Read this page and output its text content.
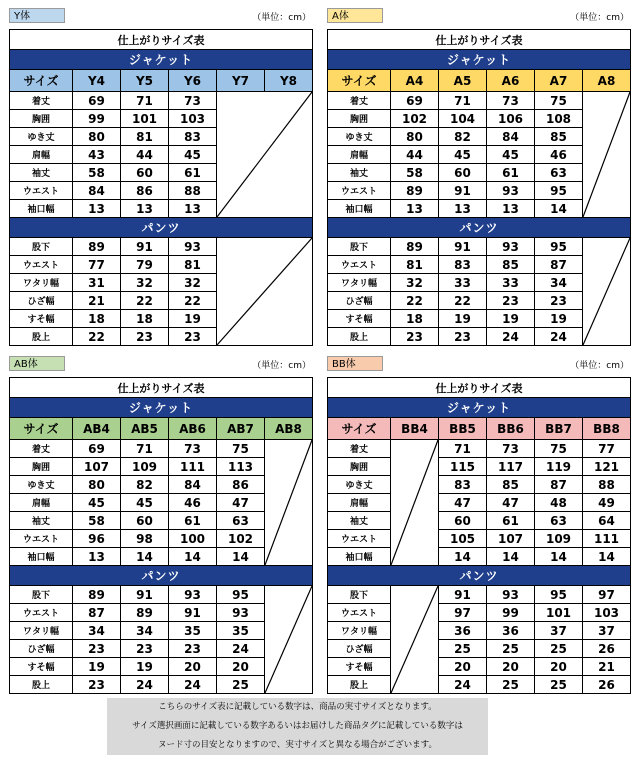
Y体	（単位：cm）
仕上がりサイズ表					
ジャケット					
サイズ	Y4	Y5	Y6	Y7	Y8
着丈	69	71	73	

胸囲	99	101	103		
ゆき丈	80	81	83		
肩幅	43	44	45		
袖丈	58	60	61		
ウエスト	84	86	88		
袖口幅	13	13	13		
パンツ					
股下	89	91	93	

ウエスト	77	79	81		
ワタリ幅	31	32	32		
ひざ幅	21	22	22		
すそ幅	18	18	19		
股上	22	23	23		
A体	（単位：cm）
仕上がりサイズ表					
ジャケット					
サイズ	A4	A5	A6	A7	A8
着丈	69	71	73	75	

胸囲	102	104	106	108	
ゆき丈	80	82	84	85	
肩幅	44	45	45	46	
袖丈	58	60	61	63	
ウエスト	89	91	93	95	
袖口幅	13	13	13	14	
パンツ					
股下	89	91	93	95	

ウエスト	81	83	85	87	
ワタリ幅	32	33	33	34	
ひざ幅	22	22	23	23	
すそ幅	18	19	19	19	
股上	23	23	24	24	
AB体	（単位：cm）
仕上がりサイズ表					
ジャケット					
サイズ	AB4	AB5	AB6	AB7	AB8
着丈	69	71	73	75	

胸囲	107	109	111	113	
ゆき丈	80	82	84	86	
肩幅	45	45	46	47	
袖丈	58	60	61	63	
ウエスト	96	98	100	102	
袖口幅	13	14	14	14	
パンツ					
股下	89	91	93	95	

ウエスト	87	89	91	93	
ワタリ幅	34	34	35	35	
ひざ幅	23	23	23	24	
すそ幅	19	19	20	20	
股上	23	24	24	25	
BB体	（単位：cm）
仕上がりサイズ表					
ジャケット					
サイズ	BB4	BB5	BB6	BB7	BB8
着丈		71	73	75	77
胸囲		115	117	119	121
ゆき丈		83	85	87	88
肩幅		47	47	48	49
袖丈		60	61	63	64
ウエスト		105	107	109	111
袖口幅		14	14	14	14
パンツ					
股下		91	93	95	97
ウエスト		97	99	101	103
ワタリ幅		36	36	37	37
ひざ幅		25	25	25	26
すそ幅		20	20	20	21
股上		24	25	25	26
こちらのサイズ表に記載している数字は、商品の実寸サイズとなります。
サイズ選択画面に記載している数字あるいはお届けした商品タグに記載している数字は
ヌード寸の目安となりますので、実寸サイズと異なる場合がございます。
